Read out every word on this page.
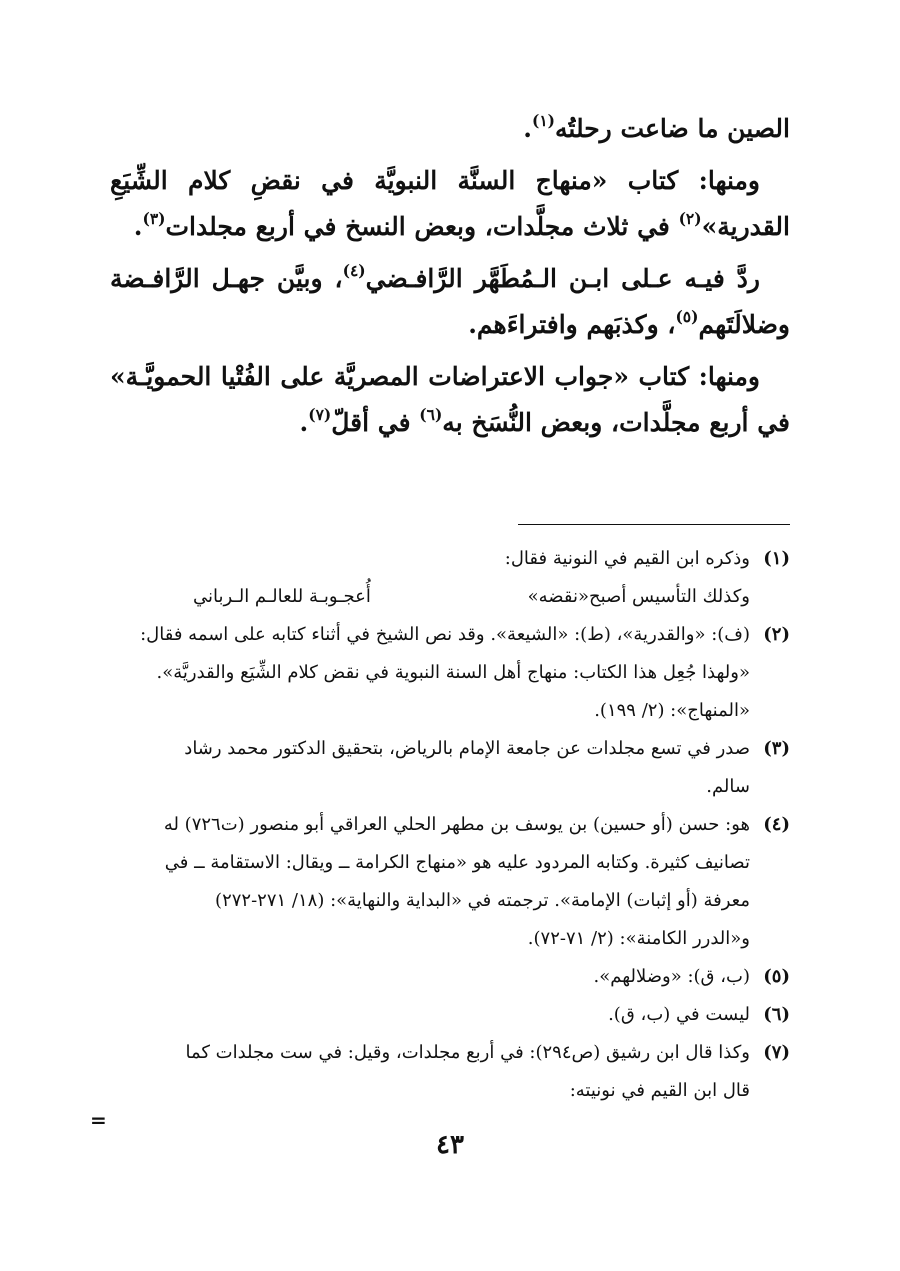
الصين ما ضاعت رحلتُه$^{(١)}$.

ومنها: كتاب «منهاج السنَّة النبويَّة في نقضِ كلام الشِّيَعِ القدرية»$^{(٢)}$ في ثلاث مجلَّدات، وبعض النسخ في أربع مجلدات$^{(٣)}$.

ردَّ فيـه عـلى ابـن الـمُطَهَّر الرَّافـضي$^{(٤)}$، وبيَّن جهـل الرَّافـضة وضلالَتَهم$^{(٥)}$، وكذبَهم وافتراءَهم.

ومنها: كتاب «جواب الاعتراضات المصريَّة على الفُتْيا الحمويَّـة» في أربع مجلَّدات، وبعض النُّسَخ به$^{(٦)}$ في أقلّ$^{(٧)}$.

(١)
وذكره ابن القيم في النونية فقال:
وكذلك التأسيس أصبح«نقضه»
أُعجـوبـة للعالـم الـرباني
(٢)
(ف): «والقدرية»، (ط): «الشيعة». وقد نص الشيخ في أثناء كتابه على اسمه فقال:
«ولهذا جُعِل هذا الكتاب: منهاج أهل السنة النبوية في نقض كلام الشِّيَع والقدريَّة».
«المنهاج»: (٢/ ١٩٩).
(٣)
صدر في تسع مجلدات عن جامعة الإمام بالرياض، بتحقيق الدكتور محمد رشاد
سالم.
(٤)
هو: حسن (أو حسين) بن يوسف بن مطهر الحلي العراقي أبو منصور (ت٧٢٦) له
تصانيف كثيرة. وكتابه المردود عليه هو «منهاج الكرامة ــ ويقال: الاستقامة ــ في
معرفة (أو إثبات) الإمامة». ترجمته في «البداية والنهاية»: (١٨/ ٢٧١-٢٧٢)
و«الدرر الكامنة»: (٢/ ٧١-٧٢).
(٥)
(ب، ق): «وضلالهم».
(٦)
ليست في (ب، ق).
(٧)
وكذا قال ابن رشيق (ص٢٩٤): في أربع مجلدات، وقيل: في ست مجلدات كما
قال ابن القيم في نونيته:
=
٤٣
